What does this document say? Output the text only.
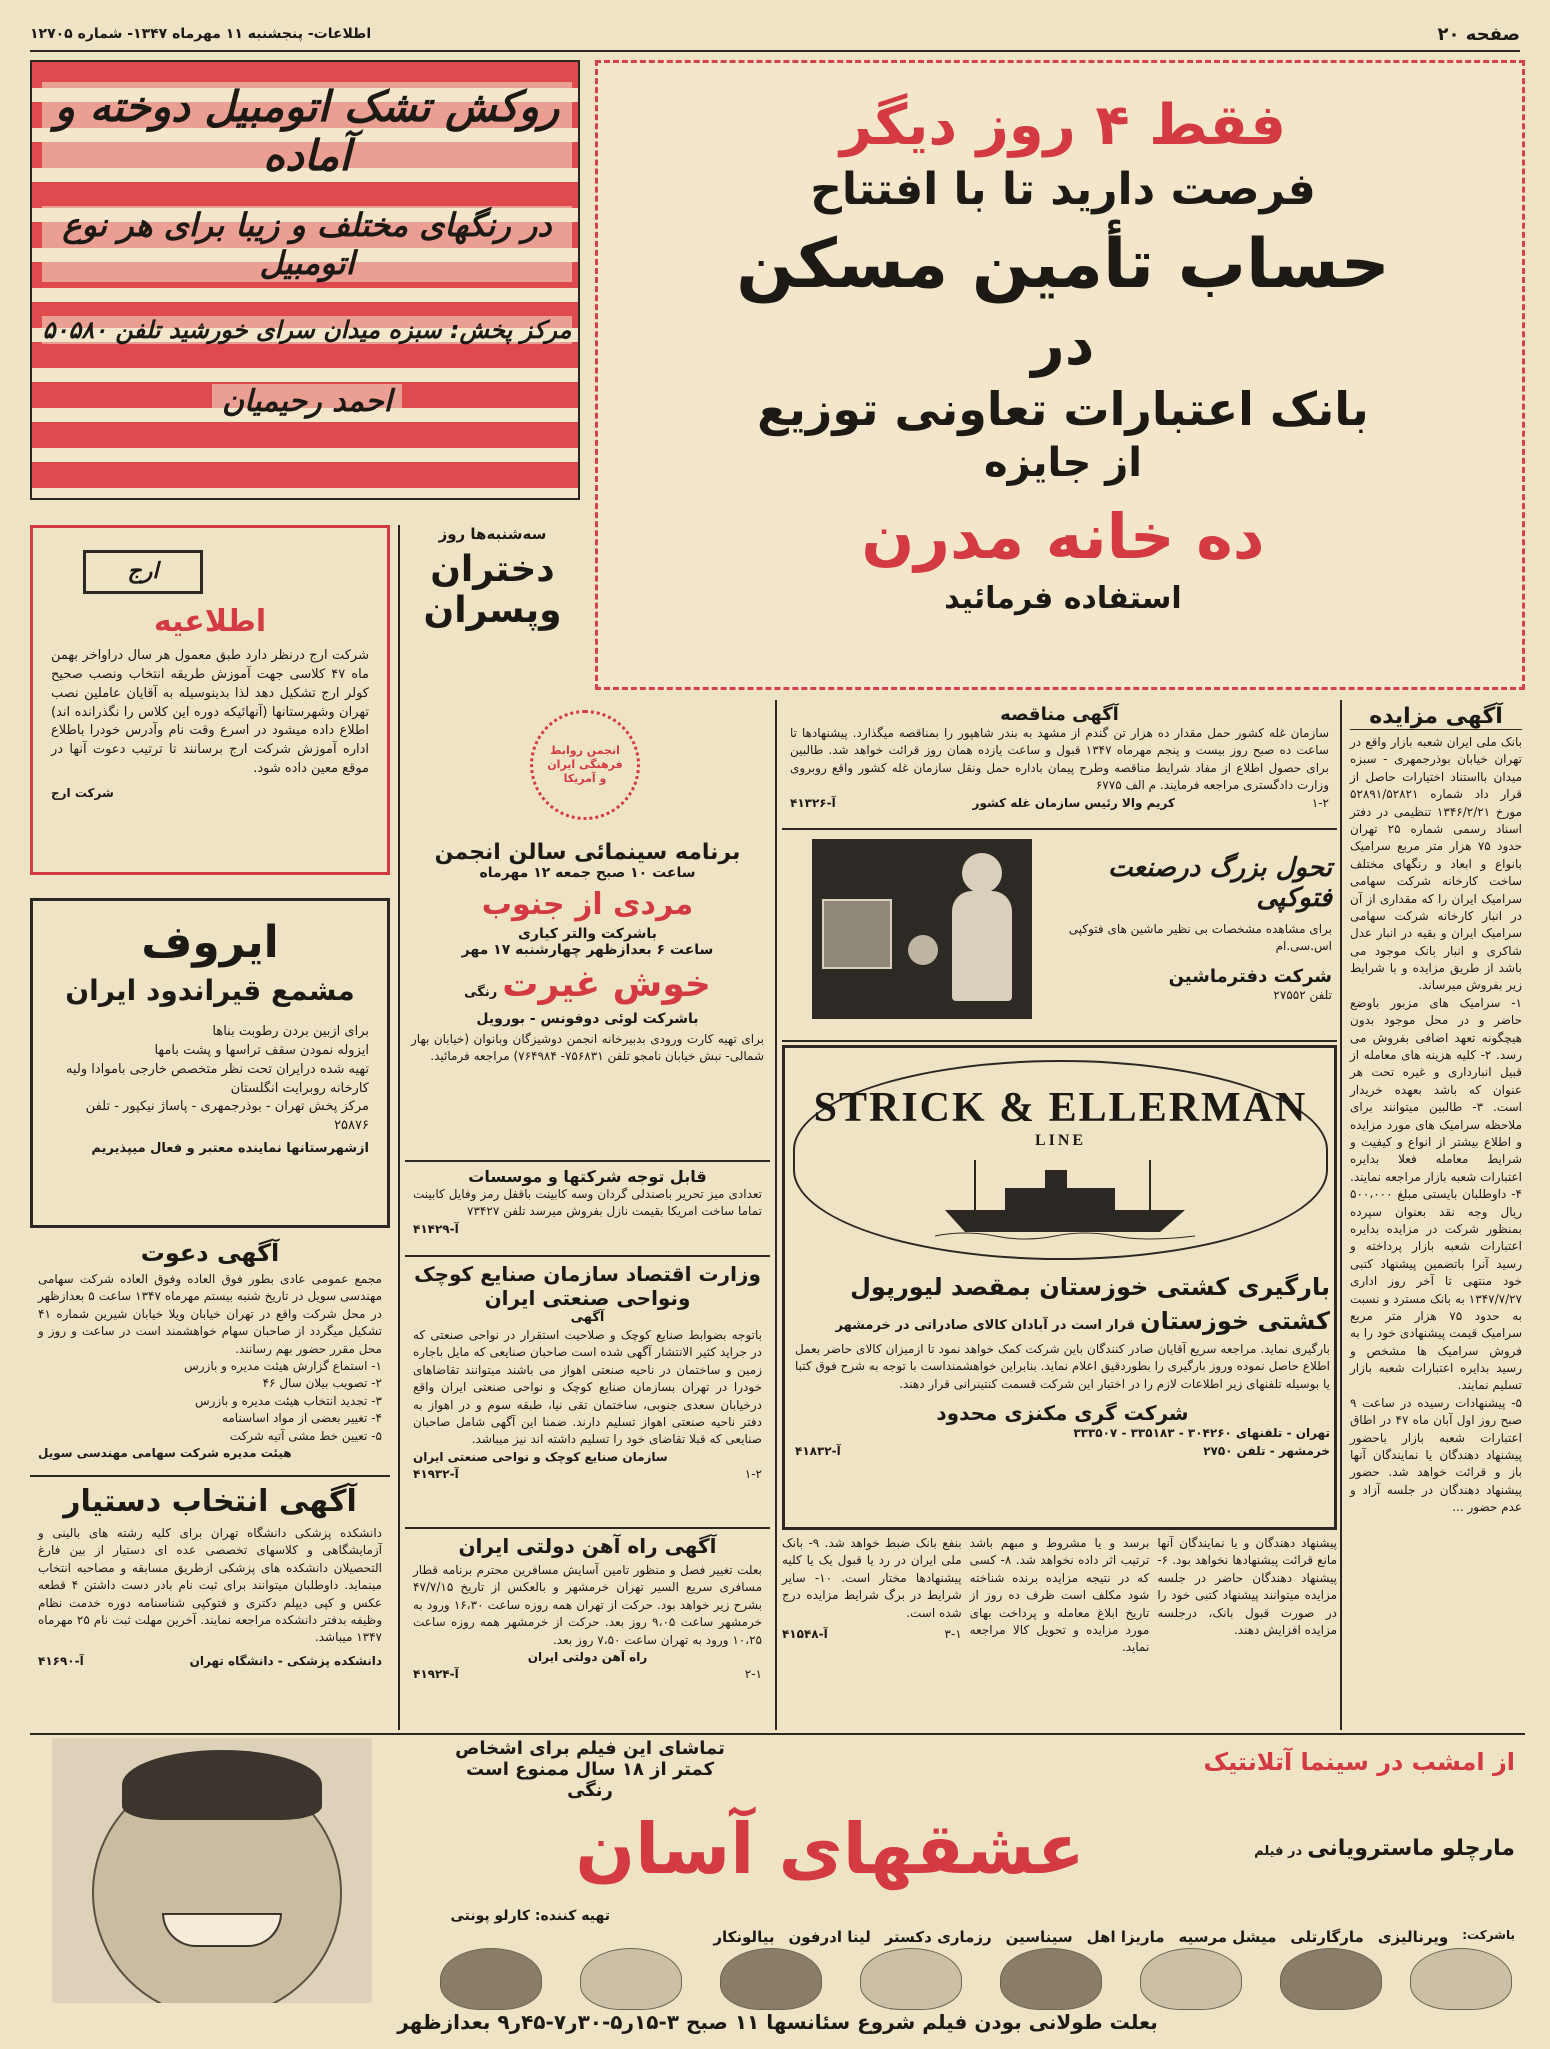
صفحه ۲۰
اطلاعات- پنجشنبه ۱۱ مهرماه ۱۳۴۷- شماره ۱۲۷۰۵

روکش تشک اتومبیل دوخته و آماده

در رنگهای مختلف و زیبا برای هر نوع اتومبیل

مرکز پخش: سبزه میدان سرای خورشید تلفن ۵۰۵۸۰

احمد رحیمیان

فقط ۴ روز دیگر

فرصت دارید تا با افتتاح

حساب تأمین مسکن

در

بانک اعتبارات تعاونی توزیع

از جایزه

ده خانه مدرن

استفاده فرمائید

سه‌شنبه‌ها روز

دختران

وپسران

ارج

اطلاعیه

شرکت ارج درنظر دارد طبق معمول هر سال دراواخر بهمن ماه ۴۷ کلاسی جهت آموزش طریقه انتخاب ونصب صحیح کولر ارج تشکیل دهد لذا بدینوسیله به آقایان عاملین نصب تهران وشهرستانها (آنهائیکه دوره این کلاس را نگذرانده اند) اطلاع داده میشود در اسرع وقت نام وآدرس خودرا باطلاع اداره آموزش شرکت ارج برسانند تا ترتیب دعوت آنها در موقع معین داده شود.

شرکت ارج

ایروف

مشمع قیراندود ایران

برای ازبین بردن رطوبت بناها

ایزوله نمودن سقف تراسها و پشت بامها

تهیه شده درایران تحت نظر متخصص خارجی باموادا ولیه کارخانه روبرایت انگلستان

مرکز پخش تهران - بوذرجمهری - پاساژ نیکپور - تلفن ۲۵۸۷۶

ازشهرستانها نماینده معتبر و فعال میپذیریم

آگهی دعوت

مجمع عمومی عادی بطور فوق العاده وفوق العاده شرکت سهامی مهندسی سویل در تاریخ شنبه بیستم مهرماه ۱۳۴۷ ساعت ۵ بعدازظهر در محل شرکت واقع در تهران خیابان ویلا خیابان شیرین شماره ۴۱ تشکیل میگردد از صاحبان سهام خواهشمند است در ساعت و روز و محل مقرر حضور بهم رسانند.

۱- استماع گزارش هیئت مدیره و بازرس

۲- تصویب بیلان سال ۴۶

۳- تجدید انتخاب هیئت مدیره و بازرس

۴- تغییر بعضی از مواد اساسنامه

۵- تعیین خط مشی آتیه شرکت

هیئت مدیره شرکت سهامی مهندسی سویل

آگهی انتخاب دستیار

دانشکده پزشکی دانشگاه تهران برای کلیه رشته های بالینی و آزمایشگاهی و کلاسهای تخصصی عده ای دستیار از بین فارغ التحصیلان دانشکده های پزشکی ازطریق مسابقه و مصاحبه انتخاب مینماید. داوطلبان میتوانند برای ثبت نام بادر دست داشتن ۴ قطعه عکس و کپی دیپلم دکتری و فتوکپی شناسنامه دوره خدمت نظام وظیفه بدفتر دانشکده مراجعه نمایند. آخرین مهلت ثبت نام ۲۵ مهرماه ۱۳۴۷ میباشد.

دانشکده پزشکی - دانشگاه تهران

آ-۴۱۶۹۰

انجمن روابط فرهنگی ایران و آمریکا

برنامه سینمائی سالن انجمن

ساعت ۱۰ صبح جمعه ۱۲ مهرماه

مردی از جنوب

باشرکت والتر کیاری

ساعت ۶ بعدازظهر چهارشنبه ۱۷ مهر

خوش غیرت رنگی

باشرکت لوئی دوفونس - بورویل

برای تهیه کارت ورودی بدبیرخانه انجمن دوشیزگان وبانوان (خیابان بهار شمالی- نبش خیابان نامجو تلفن ۷۵۶۸۳۱- ۷۶۴۹۸۴) مراجعه فرمائید.

قابل توجه شرکتها و موسسات

تعدادی میز تحریر باصندلی گردان وسه کابینت باقفل رمز وفایل کابینت تماما ساخت امریکا بقیمت نازل بفروش میرسد تلفن ۷۳۴۲۷

آ-۴۱۴۲۹

وزارت اقتصاد سازمان صنایع کوچک

ونواحی صنعتی ایران

آگهی

باتوجه بضوابط صنایع کوچک و صلاحیت استقرار در نواحی صنعتی که در جراید کثیر الانتشار آگهی شده است صاحبان صنایعی که مایل باجاره زمین و ساختمان در ناحیه صنعتی اهواز می باشند میتوانند تقاضاهای خودرا در تهران بسازمان صنایع کوچک و نواحی صنعتی ایران واقع درخیابان سعدی جنوبی، ساختمان تقی نیا، طبقه سوم و در اهواز به دفتر ناحیه صنعتی اهواز تسلیم دارند. ضمنا این آگهی شامل صاحبان صنایعی که قبلا تقاضای خود را تسلیم داشته اند نیز میباشد.

سازمان صنایع کوچک و نواحی صنعتی ایران

۱-۲

آ-۴۱۹۳۲

آگهی راه آهن دولتی ایران

بعلت تغییر فصل و منظور تامین آسایش مسافرین محترم برنامه قطار مسافری سریع السیر تهران خرمشهر و بالعکس از تاریخ ۴۷/۷/۱۵ بشرح زیر خواهد بود. حرکت از تهران همه روزه ساعت ۱۶،۳۰ ورود به خرمشهر ساعت ۹،۰۵ روز بعد. حرکت از خرمشهر همه روزه ساعت ۱۰،۲۵ ورود به تهران ساعت ۷،۵۰ روز بعد.

راه آهن دولتی ایران

۲-۱

آ-۴۱۹۲۴

آگهی مناقصه

سازمان غله کشور حمل مقدار ده هزار تن گندم از مشهد به بندر شاهپور را بمناقصه میگذارد. پیشنهادها تا ساعت ده صبح روز بیست و پنجم مهرماه ۱۳۴۷ قبول و ساعت یازده همان روز قرائت خواهد شد. طالبین برای حصول اطلاع از مفاد شرایط مناقصه وطرح پیمان باداره حمل ونقل سازمان غله کشور واقع روبروی وزارت دادگستری مراجعه فرمایند. م الف ۶۷۷۵

۱-۲

کریم والا رئیس سازمان غله کشور

آ-۴۱۳۲۶

تحول بزرگ درصنعت فتوکپی

برای مشاهده مشخصات بی نظیر ماشین های فتوکپی اس.سی.ام

شرکت دفترماشین

تلفن ۲۷۵۵۲

STRICK & ELLERMAN

LINE

بارگیری کشتی خوزستان بمقصد لیورپول

کشتی خوزستان قرار است در آبادان کالای صادراتی در خرمشهر

بارگیری نماید. مراجعه سریع آقایان صادر کنندگان باین شرکت کمک خواهد نمود تا ازمیزان کالای حاضر بعمل اطلاع حاصل نموده وروز بارگیری را بطوردقیق اعلام نماید. بنابراین خواهشمنداست با توجه به شرح فوق کتبا یا بوسیله تلفنهای زیر اطلاعات لازم را در اختیار این شرکت قسمت کنتینرانی قرار دهند.

شرکت گری مکنزی محدود

تهران - تلفنهای ۳۰۴۲۶۰ - ۳۳۵۱۸۳ - ۳۳۳۵۰۷

خرمشهر - تلفن ۲۷۵۰

آ-۴۱۸۳۲

پیشنهاد دهندگان و یا نمایندگان آنها مانع قرائت پیشنهادها نخواهد بود. ۶- پیشنهاد دهندگان حاضر در جلسه مزایده میتوانند پیشنهاد کتبی خود را در صورت قبول بانک، درجلسه مزایده افزایش دهند.

برسد و یا مشروط و مبهم باشد ترتیب اثر داده نخواهد شد. ۸- کسی که در نتیجه مزایده برنده شناخته شود مکلف است ظرف ده روز از تاریخ ابلاغ معامله و پرداخت بهای مورد مزایده و تحویل کالا مراجعه نماید.

بنفع بانک ضبط خواهد شد. ۹- بانک ملی ایران در رد یا قبول یک یا کلیه پیشنهادها مختار است. ۱۰- سایر شرایط در برگ شرایط مزایده درج شده است.

۳-۱

آ-۴۱۵۴۸

آگهی مزایده

بانک ملی ایران شعبه بازار واقع در تهران خیابان بوذرجمهری - سبزه میدان بااستناد اختیارات حاصل از قرار داد شماره ۵۲۸۹۱/۵۲۸۲۱ مورخ ۱۳۴۶/۲/۲۱ تنظیمی در دفتر اسناد رسمی شماره ۲۵ تهران حدود ۷۵ هزار متر مربع سرامیک بانواع و ابعاد و رنگهای مختلف ساخت کارخانه شرکت سهامی سرامیک ایران را که مقداری از آن در انبار کارخانه شرکت سهامی سرامیک ایران و بقیه در انبار عدل شاکری و انبار بانک موجود می باشد از طریق مزایده و با شرایط زیر بفروش میرساند.

۱- سرامیک های مزبور باوضع حاضر و در محل موجود بدون هیچگونه تعهد اضافی بفروش می رسد. ۲- کلیه هزینه های معامله از قبیل انبارداری و غیره تحت هر عنوان که باشد بعهده خریدار است. ۳- طالبین میتوانند برای ملاحظه سرامیک های مورد مزایده و اطلاع بیشتر از انواع و کیفیت و شرایط معامله فعلا بدایره اعتبارات شعبه بازار مراجعه نمایند. ۴- داوطلبان بایستی مبلغ ۵۰۰،۰۰۰ ریال وجه نقد بعنوان سپرده بمنظور شرکت در مزایده بدایره اعتبارات شعبه بازار پرداخته و رسید آنرا باتضمین پیشنهاد کتبی خود منتهی تا آخر روز اداری ۱۳۴۷/۷/۲۷ به بانک مسترد و نسبت به حدود ۷۵ هزار متر مربع سرامیک قیمت پیشنهادی خود را به فروش سرامیک ها مشخص و رسید بدایره اعتبارات شعبه بازار تسلیم نمایند.

۵- پیشنهادات رسیده در ساعت ۹ صبح روز اول آبان ماه ۴۷ در اطاق اعتبارات شعبه بازار باحضور پیشنهاد دهندگان یا نمایندگان آنها باز و قرائت خواهد شد. حضور پیشنهاد دهندگان در جلسه آزاد و عدم حضور ...

تماشای این فیلم برای اشخاص

کمتر از ۱۸ سال ممنوع است

رنگی

از امشب در سینما آتلانتیک

عشقهای آسان	مارچلو ماسترویانی در فیلم

تهیه کننده: کارلو پونتی

باشرکت:
ویرنالیزی
مارگارتلی
میشل مرسیه
ماریزا اهل
سیناسین
رزماری دکستر
لینا ادرفون
بیالونکار

بعلت طولانی بودن فیلم شروع سئانسها ۱۱ صبح ۳-۱۵ر۵-۳۰ر۷-۴۵ر۹ بعدازظهر
